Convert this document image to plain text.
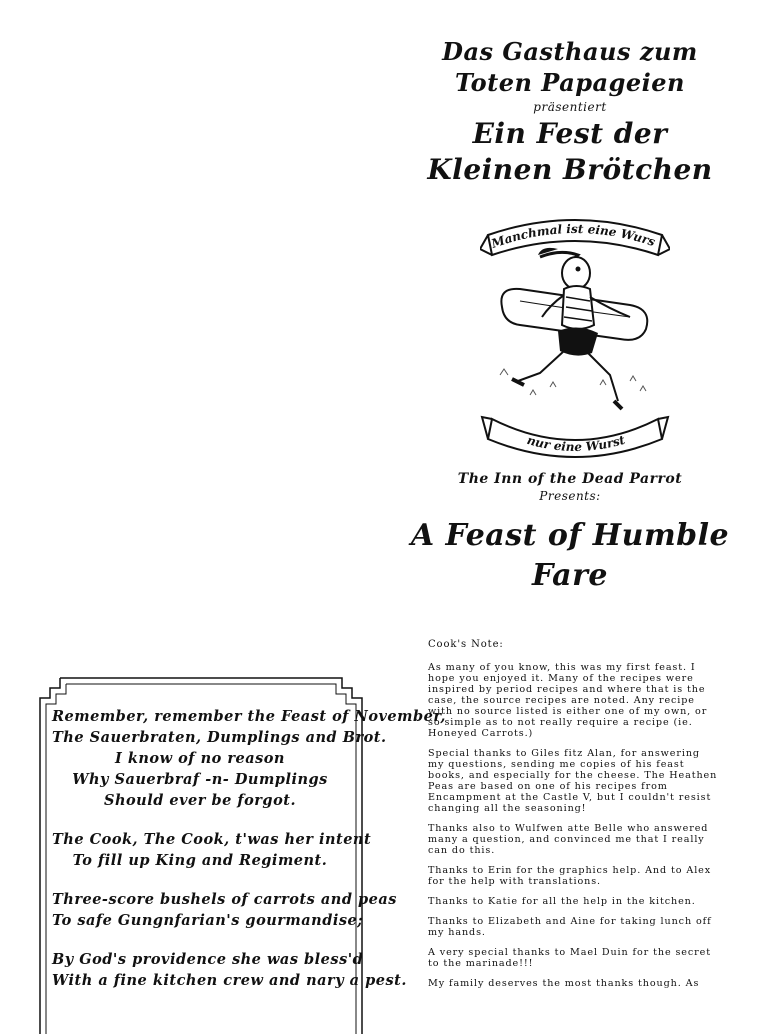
Das Gasthaus zum
Toten Papageien
präsentiert
Ein Fest der
Kleinen Brötchen
Manchmal ist eine Wurs
nur eine Wurst
The Inn of the Dead Parrot
Presents:
A Feast of Humble Fare
Remember, remember the Feast of November,
The Sauerbraten, Dumplings and Brot.
I know of no reason
Why Sauerbraf -n- Dumplings
Should ever be forgot.
The Cook, The Cook, t'was her intent
To fill up King and Regiment.
Three-score bushels of carrots and peas
To safe Gungnfarian's gourmandise;
By God's providence she was bless'd
With a fine kitchen crew and nary a pest.
Cook's Note:

As many of you know, this was my first feast. I hope you enjoyed it. Many of the recipes were inspired by period recipes and where that is the case, the source recipes are noted. Any recipe with no source listed is either one of my own, or so simple as to not really require a recipe (ie. Honeyed Carrots.)

Special thanks to Giles fitz Alan, for answering my questions, sending me copies of his feast books, and especially for the cheese. The Heathen Peas are based on one of his recipes from Encampment at the Castle V, but I couldn't resist changing all the seasoning!

Thanks also to Wulfwen atte Belle who answered many a question, and convinced me that I really can do this.

Thanks to Erin for the graphics help. And to Alex for the help with translations.

Thanks to Katie for all the help in the kitchen.

Thanks to Elizabeth and Aine for taking lunch off my hands.

A very special thanks to Mael Duin for the secret to the marinade!!!

My family deserves the most thanks though. As
